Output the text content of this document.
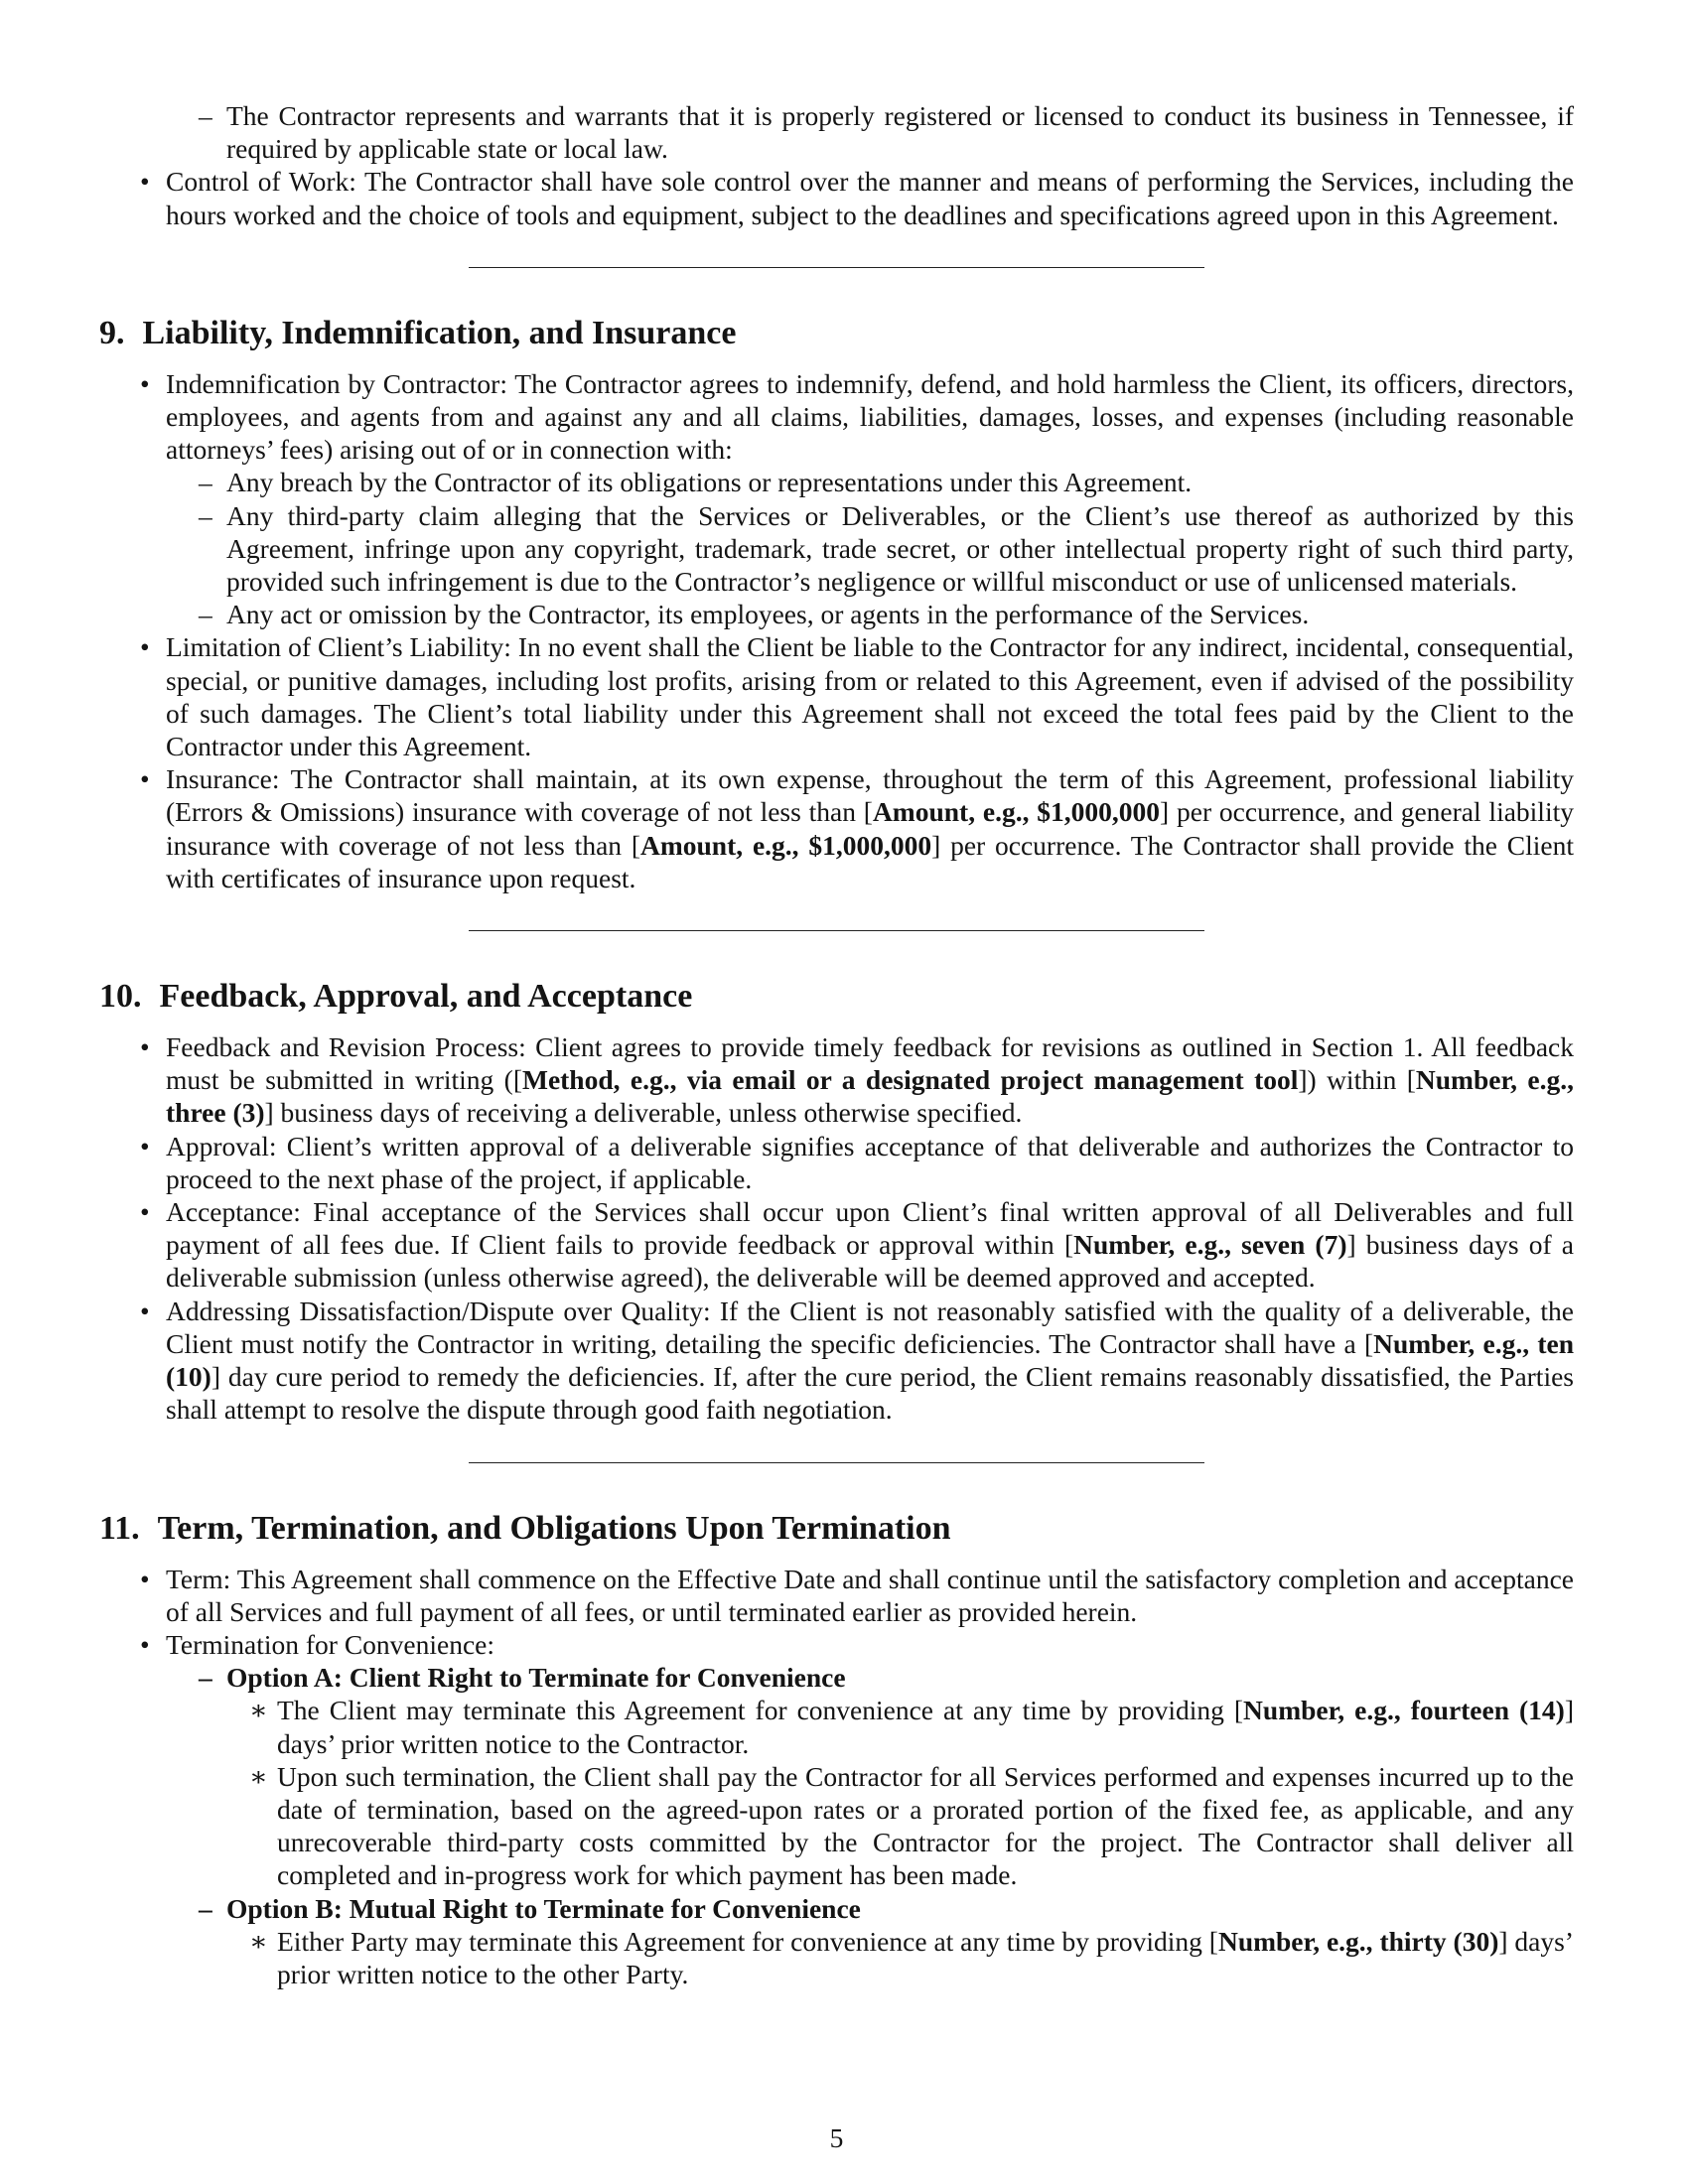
– The Contractor represents and warrants that it is properly registered or licensed to conduct its business in Tennessee, if required by applicable state or local law.
• Control of Work: The Contractor shall have sole control over the manner and means of performing the Services, including the hours worked and the choice of tools and equipment, subject to the deadlines and specifications agreed upon in this Agreement.
9. Liability, Indemnification, and Insurance
• Indemnification by Contractor: The Contractor agrees to indemnify, defend, and hold harmless the Client, its officers, directors, employees, and agents from and against any and all claims, liabilities, damages, losses, and expenses (including reasonable attorneys’ fees) arising out of or in connection with:
– Any breach by the Contractor of its obligations or representations under this Agreement.
– Any third-party claim alleging that the Services or Deliverables, or the Client’s use thereof as authorized by this Agreement, infringe upon any copyright, trademark, trade secret, or other intellectual property right of such third party, provided such infringement is due to the Contractor’s negligence or willful misconduct or use of unlicensed materials.
– Any act or omission by the Contractor, its employees, or agents in the performance of the Services.
• Limitation of Client’s Liability: In no event shall the Client be liable to the Contractor for any indirect, incidental, consequential, special, or punitive damages, including lost profits, arising from or related to this Agreement, even if advised of the possibility of such damages. The Client’s total liability under this Agreement shall not exceed the total fees paid by the Client to the Contractor under this Agreement.
• Insurance: The Contractor shall maintain, at its own expense, throughout the term of this Agreement, professional liability (Errors & Omissions) insurance with coverage of not less than [Amount, e.g., $1,000,000] per occurrence, and general liability insurance with coverage of not less than [Amount, e.g., $1,000,000] per occurrence. The Contractor shall provide the Client with certificates of insurance upon request.
10. Feedback, Approval, and Acceptance
• Feedback and Revision Process: Client agrees to provide timely feedback for revisions as outlined in Section 1. All feedback must be submitted in writing ([Method, e.g., via email or a designated project management tool]) within [Number, e.g., three (3)] business days of receiving a deliverable, unless otherwise specified.
• Approval: Client’s written approval of a deliverable signifies acceptance of that deliverable and authorizes the Contractor to proceed to the next phase of the project, if applicable.
• Acceptance: Final acceptance of the Services shall occur upon Client’s final written approval of all Deliverables and full payment of all fees due. If Client fails to provide feedback or approval within [Number, e.g., seven (7)] business days of a deliverable submission (unless otherwise agreed), the deliverable will be deemed approved and accepted.
• Addressing Dissatisfaction/Dispute over Quality: If the Client is not reasonably satisfied with the quality of a deliverable, the Client must notify the Contractor in writing, detailing the specific deficiencies. The Contractor shall have a [Number, e.g., ten (10)] day cure period to remedy the deficiencies. If, after the cure period, the Client remains reasonably dissatisfied, the Parties shall attempt to resolve the dispute through good faith negotiation.
11. Term, Termination, and Obligations Upon Termination
• Term: This Agreement shall commence on the Effective Date and shall continue until the satisfactory completion and acceptance of all Services and full payment of all fees, or until terminated earlier as provided herein.
• Termination for Convenience:
– Option A: Client Right to Terminate for Convenience
∗ The Client may terminate this Agreement for convenience at any time by providing [Number, e.g., fourteen (14)] days’ prior written notice to the Contractor.
∗ Upon such termination, the Client shall pay the Contractor for all Services performed and expenses incurred up to the date of termination, based on the agreed-upon rates or a prorated portion of the fixed fee, as applicable, and any unrecoverable third-party costs committed by the Contractor for the project. The Contractor shall deliver all completed and in-progress work for which payment has been made.
– Option B: Mutual Right to Terminate for Convenience
∗ Either Party may terminate this Agreement for convenience at any time by providing [Number, e.g., thirty (30)] days’ prior written notice to the other Party.
5
